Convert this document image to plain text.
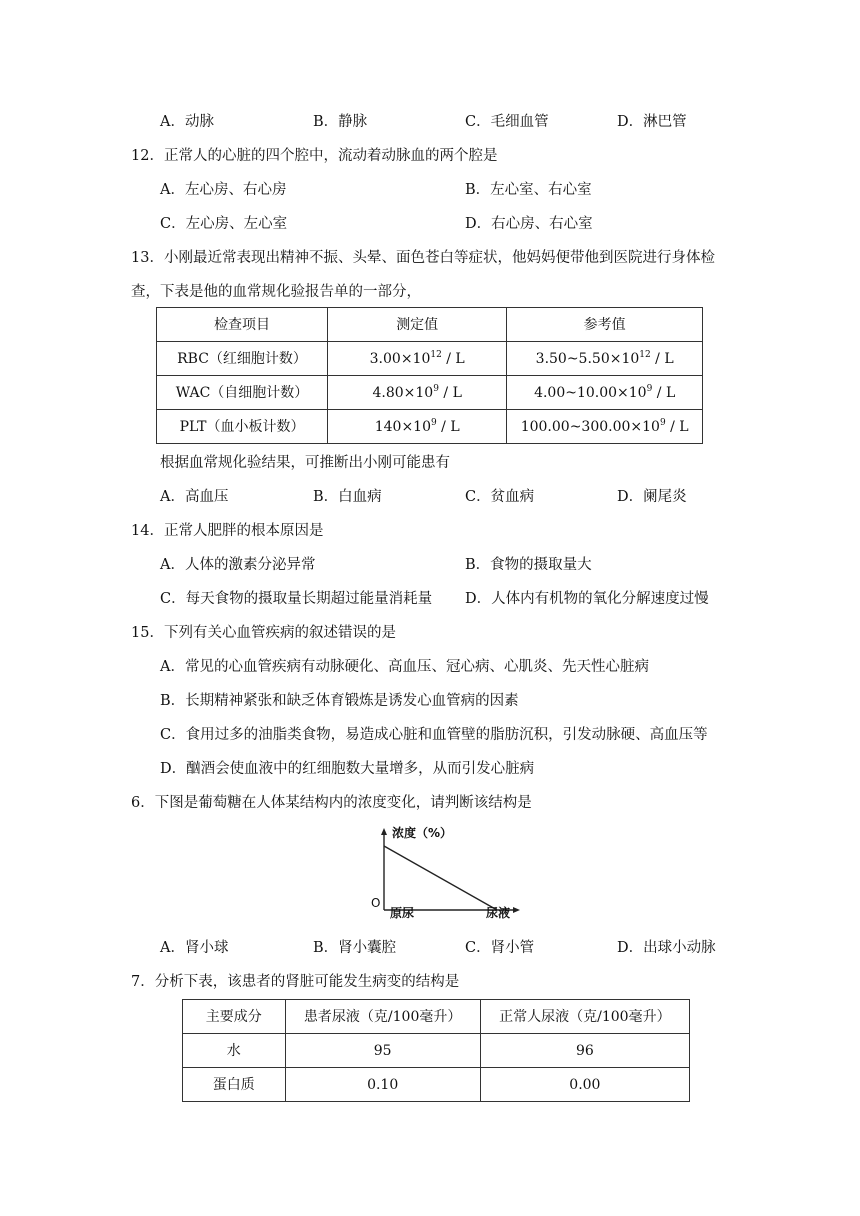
A．动脉	B．静脉	C．毛细血管	D．淋巴管
12．正常人的心脏的四个腔中，流动着动脉血的两个腔是
A．左心房、右心房	B．左心室、右心室
C．左心房、左心室	D．右心房、右心室
13．小刚最近常表现出精神不振、头晕、面色苍白等症状，他妈妈便带他到医院进行身体检
查，下表是他的血常规化验报告单的一部分，
检查项目	测定值	参考值
RBC（红细胞计数）	$3.00\times 10^{12} / L$	$3.50\sim 5.50\times 10^{12} / L$
WAC（自细胞计数）	$4.80\times 10^9 / L$	$4.00\sim 10.00\times 10^9 / L$
PLT（血小板计数）	$140\times 10^9 / L$	$100.00\sim 300.00\times 10^9 / L$
根据血常规化验结果，可推断出小刚可能患有
A．高血压	B．白血病	C．贫血病	D．阑尾炎
14．正常人肥胖的根本原因是
A．人体的激素分泌异常	B．食物的摄取量大
C．每天食物的摄取量长期超过能量消耗量 D．人体内有机物的氧化分解速度过慢
15．下列有关心血管疾病的叙述错误的是
A．常见的心血管疾病有动脉硬化、高血压、冠心病、心肌炎、先天性心脏病
B．长期精神紧张和缺乏体育锻炼是诱发心血管病的因素
C．食用过多的油脂类食物，易造成心脏和血管壁的脂肪沉积，引发动脉硬、高血压等
D．酗酒会使血液中的红细胞数大量增多，从而引发心脏病
6．下图是葡萄糖在人体某结构内的浓度变化，请判断该结构是
浓度（%）
O
原尿	尿液
A．肾小球	B．肾小囊腔	C．肾小管	D．出球小动脉
7．分析下表，该患者的肾脏可能发生病变的结构是
主要成分	患者尿液（克/100毫升）	正常人尿液（克/100毫升）
水	95	96
蛋白质	0.10	0.00
